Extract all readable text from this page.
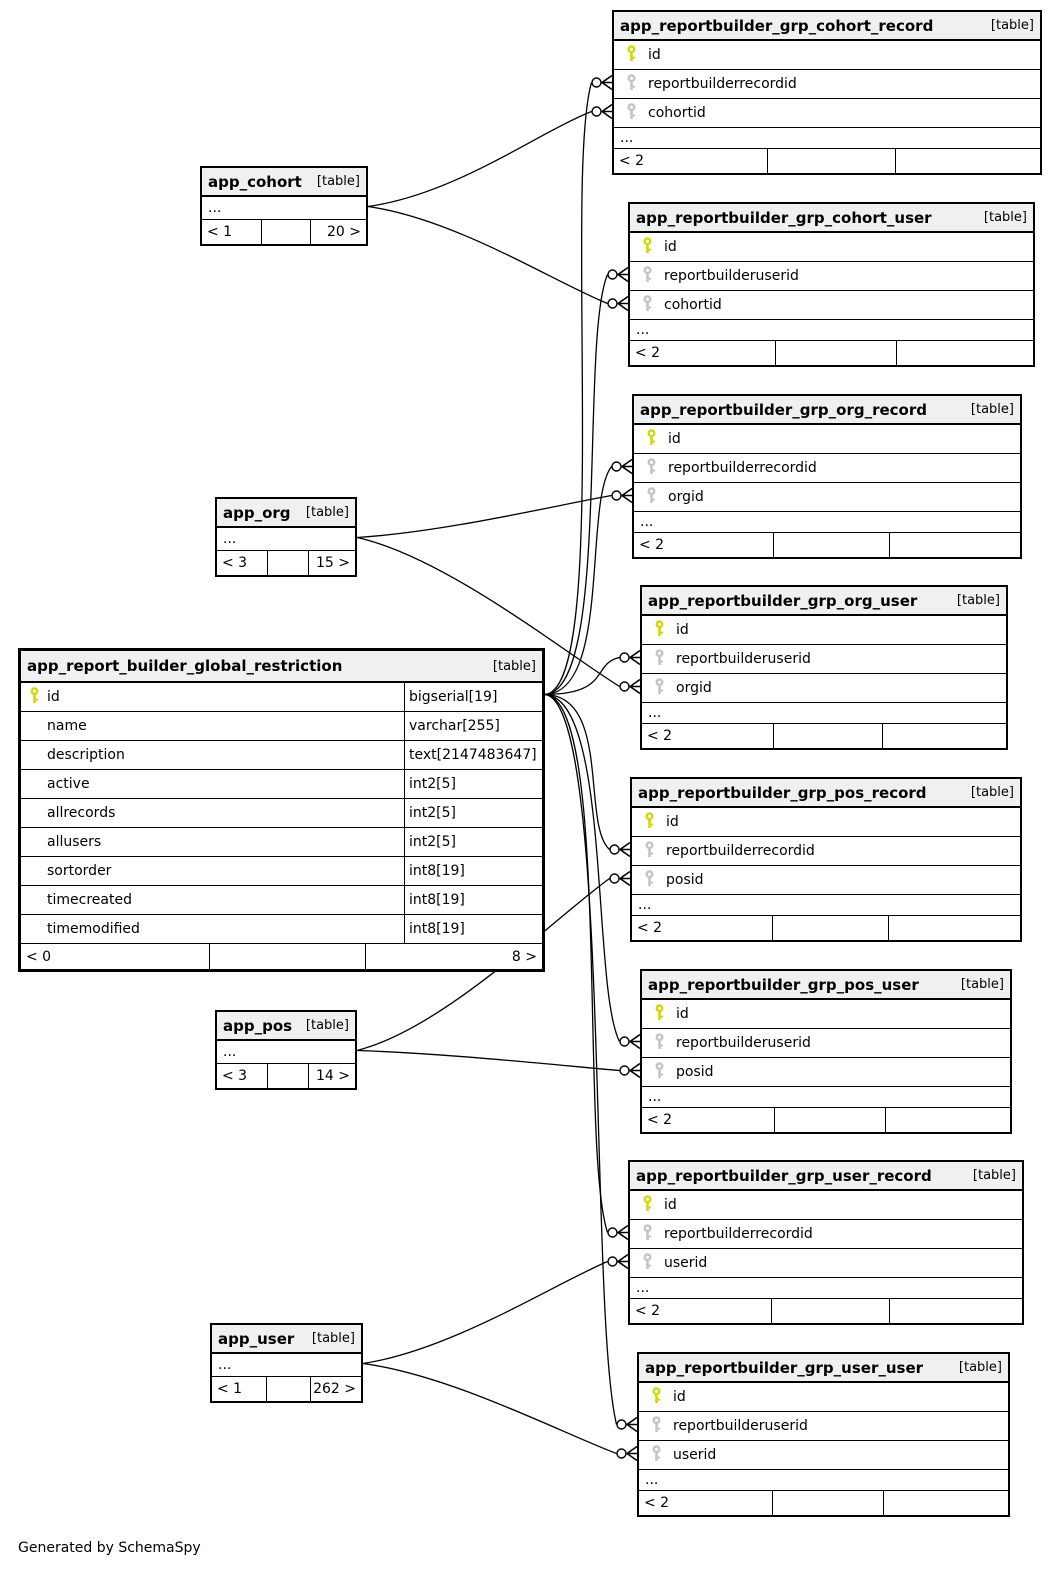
app_reportbuilder_grp_cohort_record	[table]
id
reportbuilderrecordid
cohortid
...
< 2
app_cohort [table]
...
< 1	20 >
app_reportbuilder_grp_cohort_user	[table]
id
reportbuilderuserid
cohortid
...
< 2
app_reportbuilder_grp_org_record	[table]
id
reportbuilderrecordid
orgid
...
< 2
app_org [table]
...
< 3	15 >
app_reportbuilder_grp_org_user	[table]
id
reportbuilderuserid
orgid
...
< 2
app_report_builder_global_restriction	[table]
id	bigserial[19]
name	varchar[255]
description	text[2147483647]
active	int2[5]
allrecords	int2[5]
allusers	int2[5]
sortorder	int8[19]
timecreated	int8[19]
timemodified	int8[19]
< 0	8 >
app_reportbuilder_grp_pos_record	[table]
id
reportbuilderrecordid
posid
...
< 2
app_pos [table]
...
< 3	14 >
app_reportbuilder_grp_pos_user	[table]
id
reportbuilderuserid
posid
...
< 2
app_reportbuilder_grp_user_record	[table]
id
reportbuilderrecordid
userid
...
< 2
app_user [table]
...
< 1	262 >
app_reportbuilder_grp_user_user	[table]
id
reportbuilderuserid
userid
...
< 2
Generated by SchemaSpy
